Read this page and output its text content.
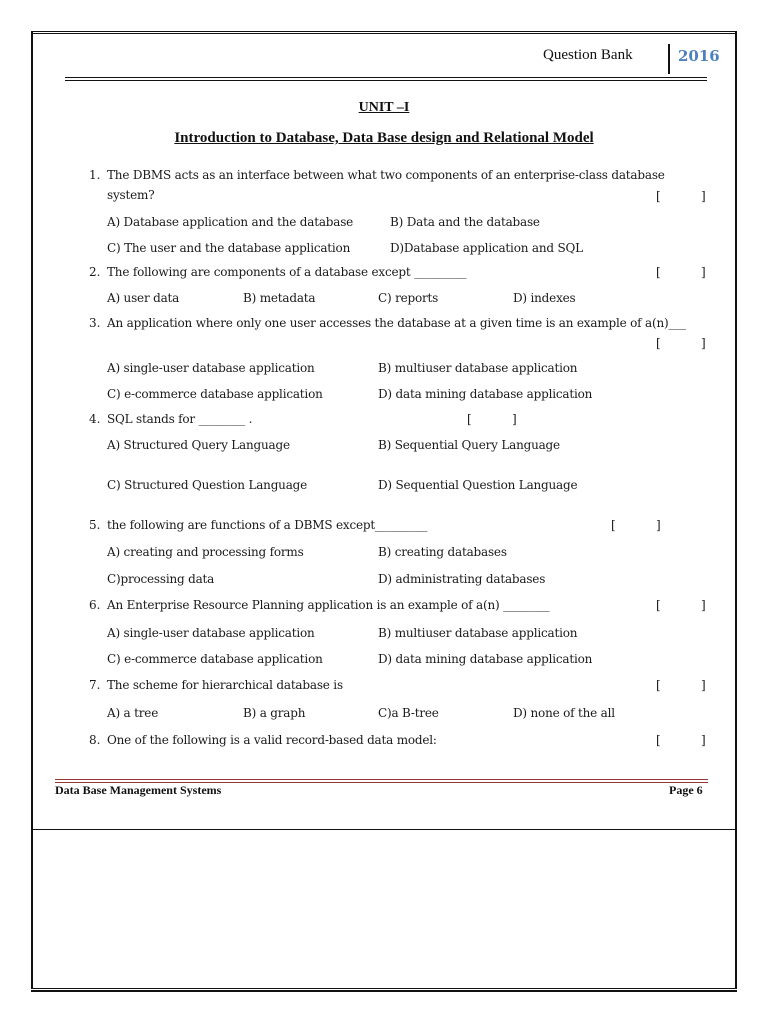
Question Bank	2016
UNIT –I
Introduction to Database, Data Base design and Relational Model
1. The DBMS acts as an interface between what two components of an enterprise-class database
system?	[	]
A) Database application and the database	B) Data and the database
C) The user and the database application	D)Database application and SQL
2. The following are components of a database except _________	[	]
A) user data	B) metadata	C) reports	D) indexes
3. An application where only one user accesses the database at a given time is an example of a(n)___
[	]
A) single-user database application	B) multiuser database application
C) e-commerce database application	D) data mining database application
4. SQL stands for ________ .	[	]
A) Structured Query Language	B) Sequential Query Language
C) Structured Question Language	D) Sequential Question Language
5. the following are functions of a DBMS except_________	[	]
A) creating and processing forms	B) creating databases
C)processing data	D) administrating databases
6. An Enterprise Resource Planning application is an example of a(n) ________	[	]
A) single-user database application	B) multiuser database application
C) e-commerce database application	D) data mining database application
7. The scheme for hierarchical database is	[	]
A) a tree	B) a graph	C)a B-tree	D) none of the all
8. One of the following is a valid record-based data model:	[	]
Data Base Management Systems	Page 6
